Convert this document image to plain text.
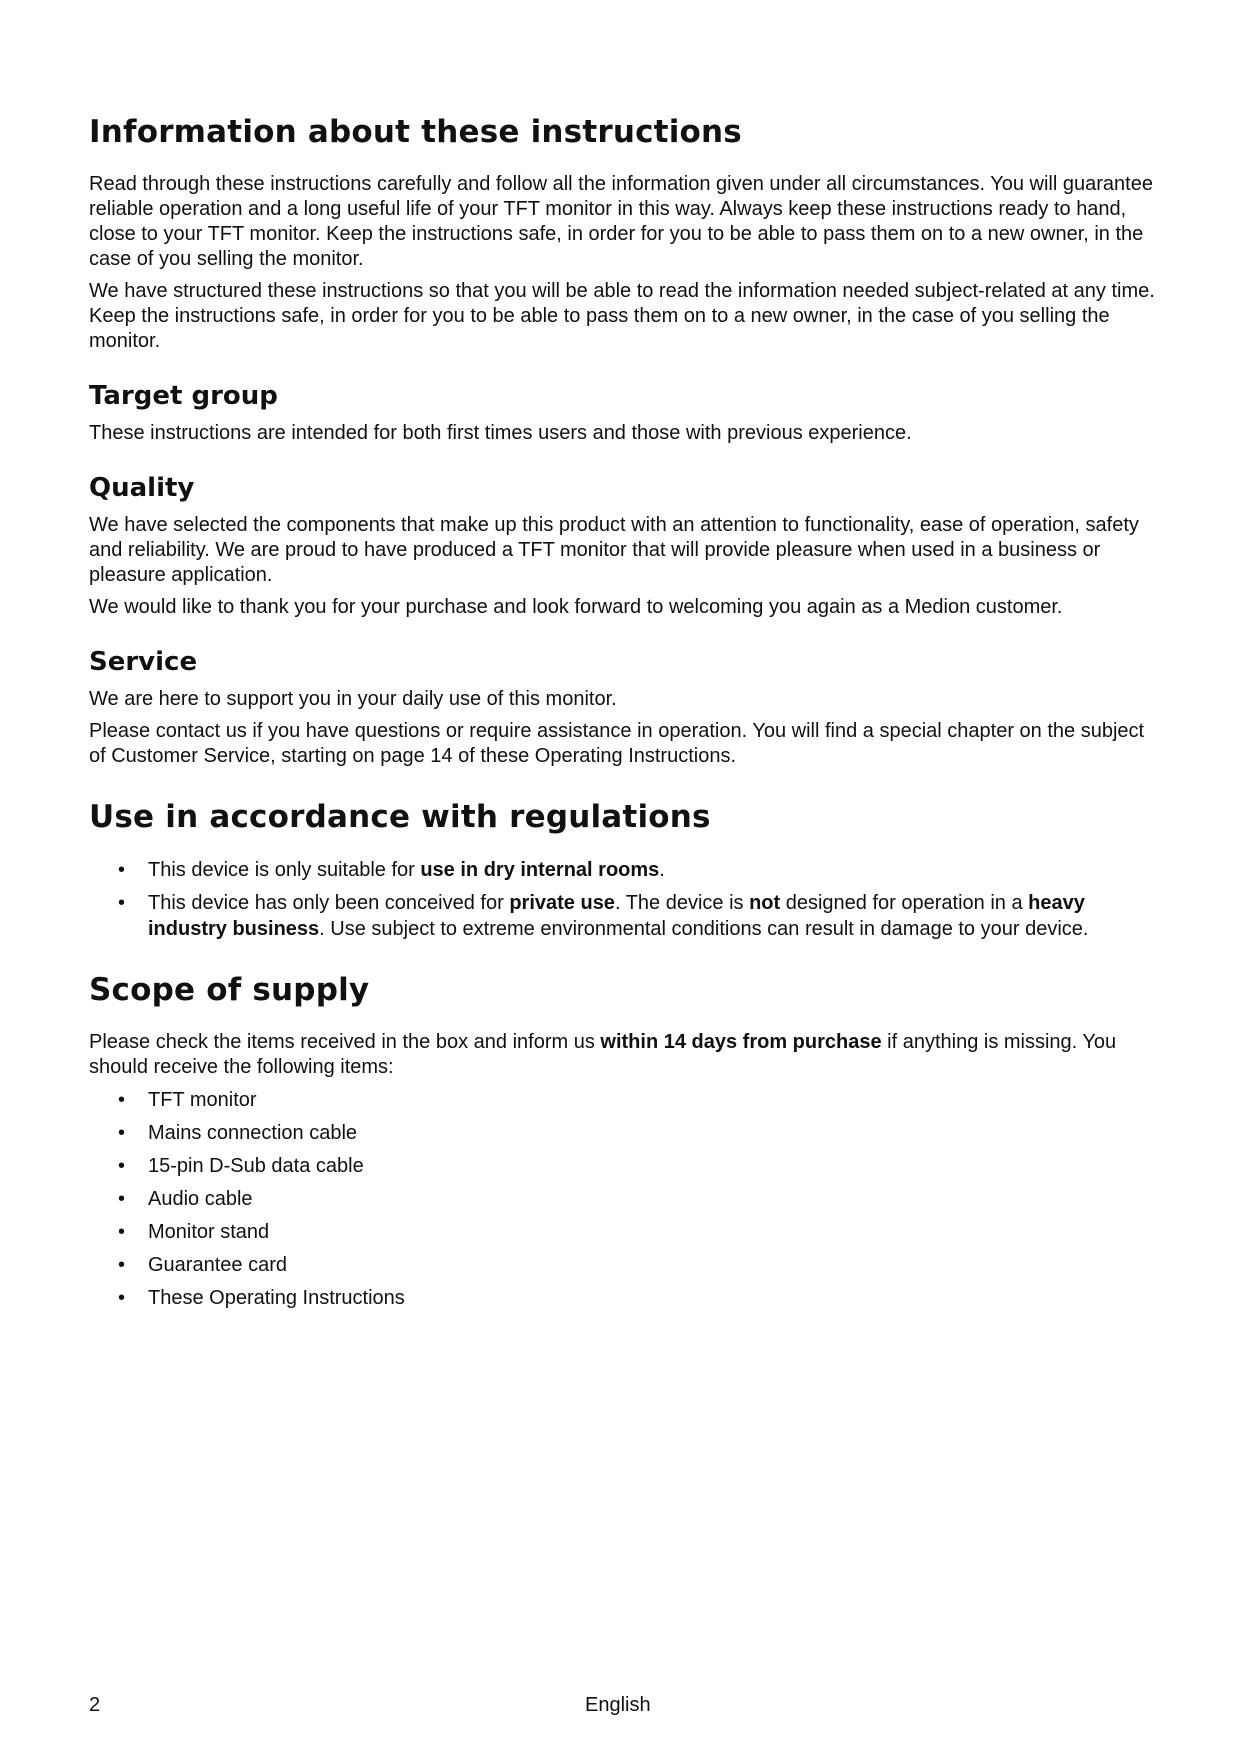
Information about these instructions

Read through these instructions carefully and follow all the information given under all circumstances. You will guarantee reliable operation and a long useful life of your TFT monitor in this way. Always keep these instructions ready to hand, close to your TFT monitor. Keep the instructions safe, in order for you to be able to pass them on to a new owner, in the case of you selling the monitor.

We have structured these instructions so that you will be able to read the information needed subject-related at any time. Keep the instructions safe, in order for you to be able to pass them on to a new owner, in the case of you selling the monitor.

Target group

These instructions are intended for both first times users and those with previous experience.

Quality

We have selected the components that make up this product with an attention to functionality, ease of operation, safety and reliability. We are proud to have produced a TFT monitor that will provide pleasure when used in a business or pleasure application.

We would like to thank you for your purchase and look forward to welcoming you again as a Medion customer.

Service

We are here to support you in your daily use of this monitor.

Please contact us if you have questions or require assistance in operation. You will find a special chapter on the subject of Customer Service, starting on page 14 of these Operating Instructions.

Use in accordance with regulations
• This device is only suitable for use in dry internal rooms.
• This device has only been conceived for private use. The device is not designed for operation in a heavy industry business. Use subject to extreme environmental conditions can result in damage to your device.
Scope of supply

Please check the items received in the box and inform us within 14 days from purchase if anything is missing. You should receive the following items:

• TFT monitor
• Mains connection cable
• 15-pin D-Sub data cable
• Audio cable
• Monitor stand
• Guarantee card
• These Operating Instructions
2	English
